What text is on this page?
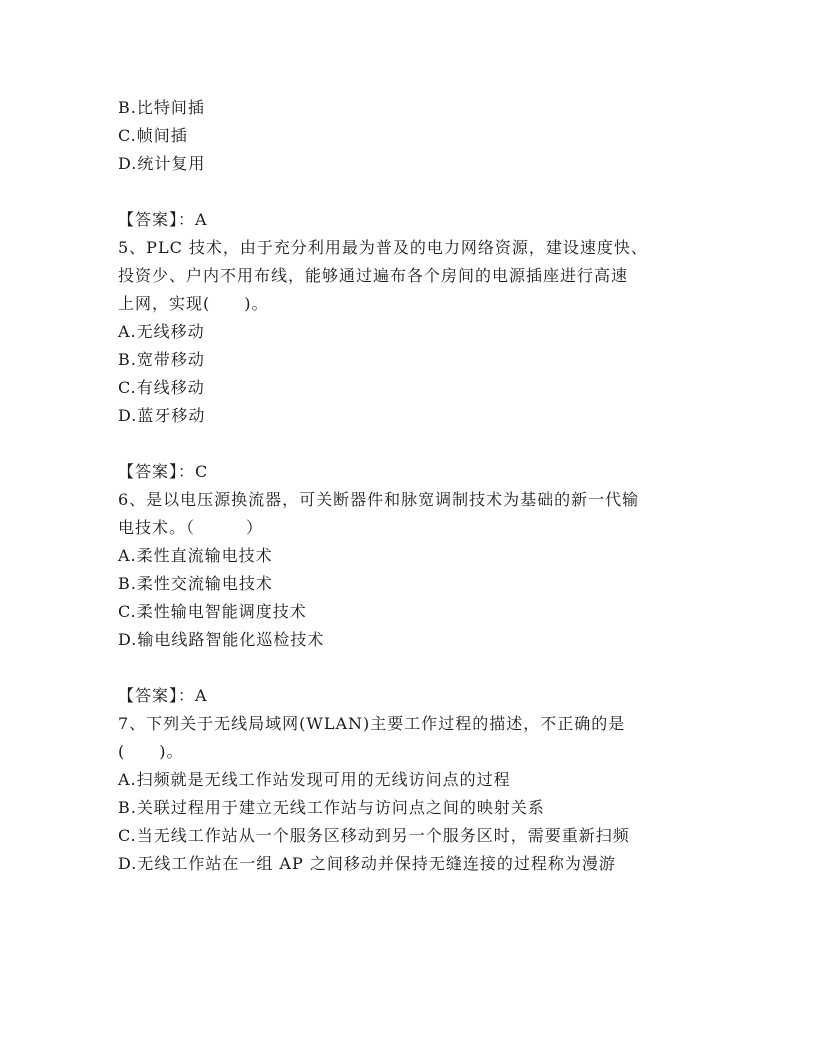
B.比特间插
C.帧间插
D.统计复用
【答案】：A
5、PLC 技术，由于充分利用最为普及的电力网络资源，建设速度快、
投资少、户内不用布线，能够通过遍布各个房间的电源插座进行高速
上网，实现(　　)。
A.无线移动
B.宽带移动
C.有线移动
D.蓝牙移动
【答案】：C
6、是以电压源换流器，可关断器件和脉宽调制技术为基础的新一代输
电技术。（　　　）
A.柔性直流输电技术
B.柔性交流输电技术
C.柔性输电智能调度技术
D.输电线路智能化巡检技术
【答案】：A
7、下列关于无线局域网(WLAN)主要工作过程的描述，不正确的是
(　　)。
A.扫频就是无线工作站发现可用的无线访问点的过程
B.关联过程用于建立无线工作站与访问点之间的映射关系
C.当无线工作站从一个服务区移动到另一个服务区时，需要重新扫频
D.无线工作站在一组 AP 之间移动并保持无缝连接的过程称为漫游
